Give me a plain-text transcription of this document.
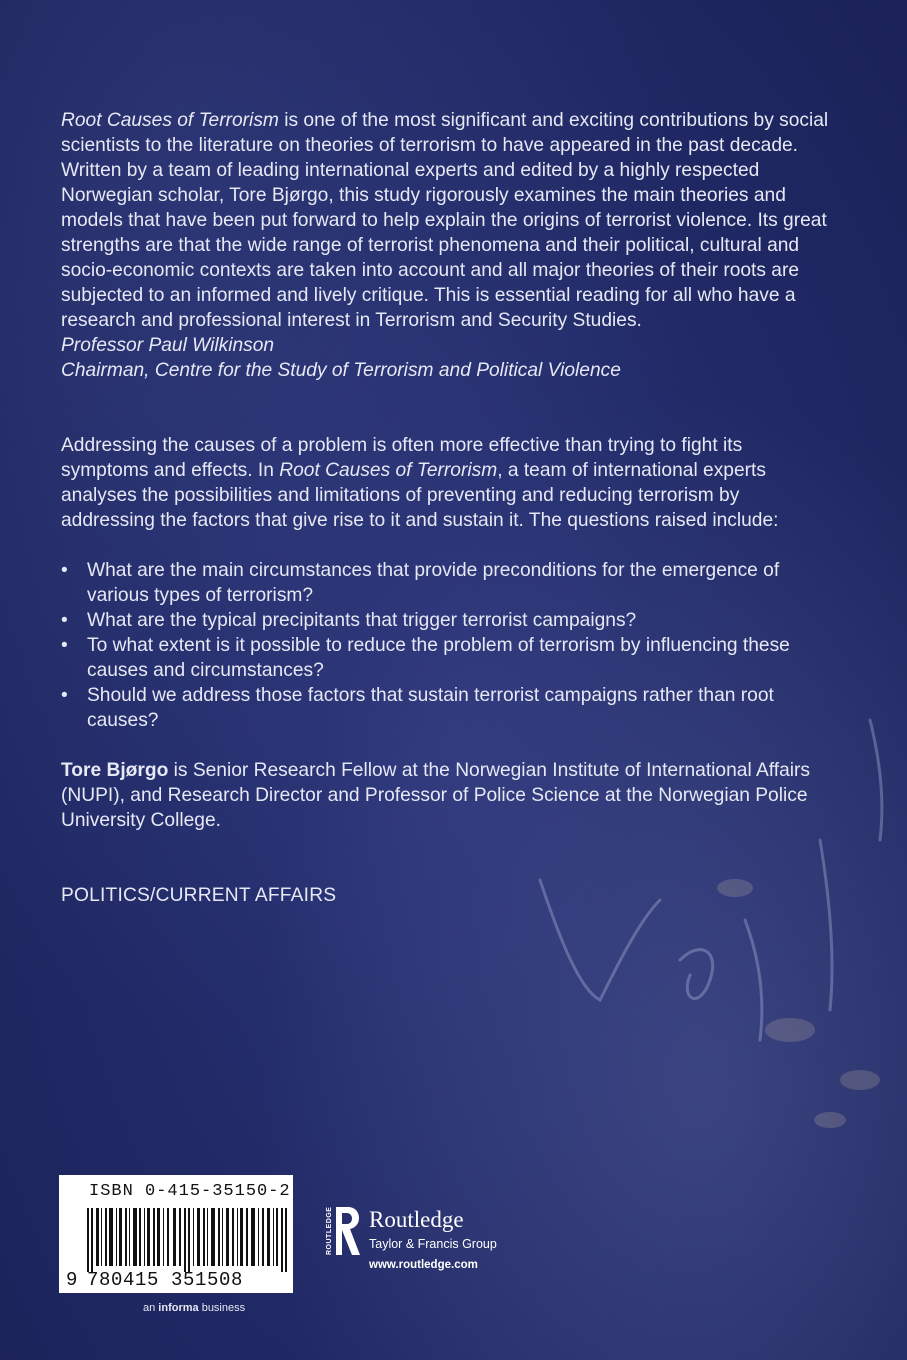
Root Causes of Terrorism is one of the most significant and exciting contributions by social scientists to the literature on theories of terrorism to have appeared in the past decade. Written by a team of leading international experts and edited by a highly respected Norwegian scholar, Tore Bjørgo, this study rigorously examines the main theories and models that have been put forward to help explain the origins of terrorist violence. Its great strengths are that the wide range of terrorist phenomena and their political, cultural and socio-economic contexts are taken into account and all major theories of their roots are subjected to an informed and lively critique. This is essential reading for all who have a research and professional interest in Terrorism and Security Studies.

Professor Paul Wilkinson

Chairman, Centre for the Study of Terrorism and Political Violence

Addressing the causes of a problem is often more effective than trying to fight its symptoms and effects. In Root Causes of Terrorism, a team of international experts analyses the possibilities and limitations of preventing and reducing terrorism by addressing the factors that give rise to it and sustain it. The questions raised include:

• What are the main circumstances that provide preconditions for the emergence of various types of terrorism?
• What are the typical precipitants that trigger terrorist campaigns?
• To what extent is it possible to reduce the problem of terrorism by influencing these causes and circumstances?
• Should we address those factors that sustain terrorist campaigns rather than root causes?

Tore Bjørgo is Senior Research Fellow at the Norwegian Institute of International Affairs (NUPI), and Research Director and Professor of Police Science at the Norwegian Police University College.

POLITICS/CURRENT AFFAIRS

ISBN 0-415-35150-2
9 780415 351508
an informa business
ROUTLEDGE Routledge
Taylor & Francis Group
www.routledge.com
